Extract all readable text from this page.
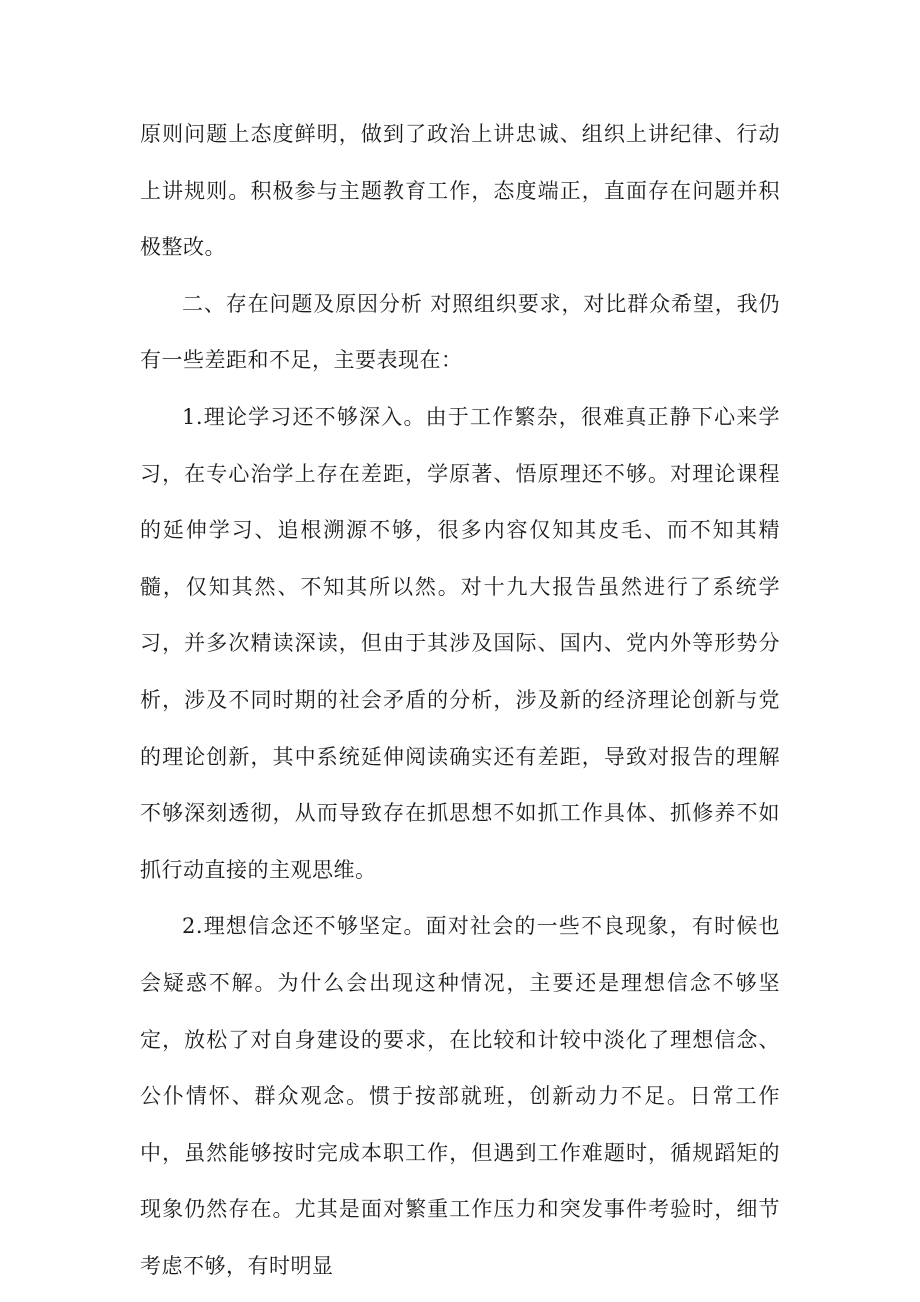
原则问题上态度鲜明，做到了政治上讲忠诚、组织上讲纪律、行动上讲规则。积极参与主题教育工作，态度端正，直面存在问题并积极整改。

二、存在问题及原因分析 对照组织要求，对比群众希望，我仍有一些差距和不足，主要表现在：

1.理论学习还不够深入。由于工作繁杂，很难真正静下心来学习，在专心治学上存在差距，学原著、悟原理还不够。对理论课程的延伸学习、追根溯源不够，很多内容仅知其皮毛、而不知其精髓，仅知其然、不知其所以然。对十九大报告虽然进行了系统学习，并多次精读深读，但由于其涉及国际、国内、党内外等形势分析，涉及不同时期的社会矛盾的分析，涉及新的经济理论创新与党的理论创新，其中系统延伸阅读确实还有差距，导致对报告的理解不够深刻透彻，从而导致存在抓思想不如抓工作具体、抓修养不如抓行动直接的主观思维。

2.理想信念还不够坚定。面对社会的一些不良现象，有时候也会疑惑不解。为什么会出现这种情况，主要还是理想信念不够坚定，放松了对自身建设的要求，在比较和计较中淡化了理想信念、公仆情怀、群众观念。惯于按部就班，创新动力不足。日常工作中，虽然能够按时完成本职工作，但遇到工作难题时，循规蹈矩的现象仍然存在。尤其是面对繁重工作压力和突发事件考验时，细节考虑不够，有时明显
